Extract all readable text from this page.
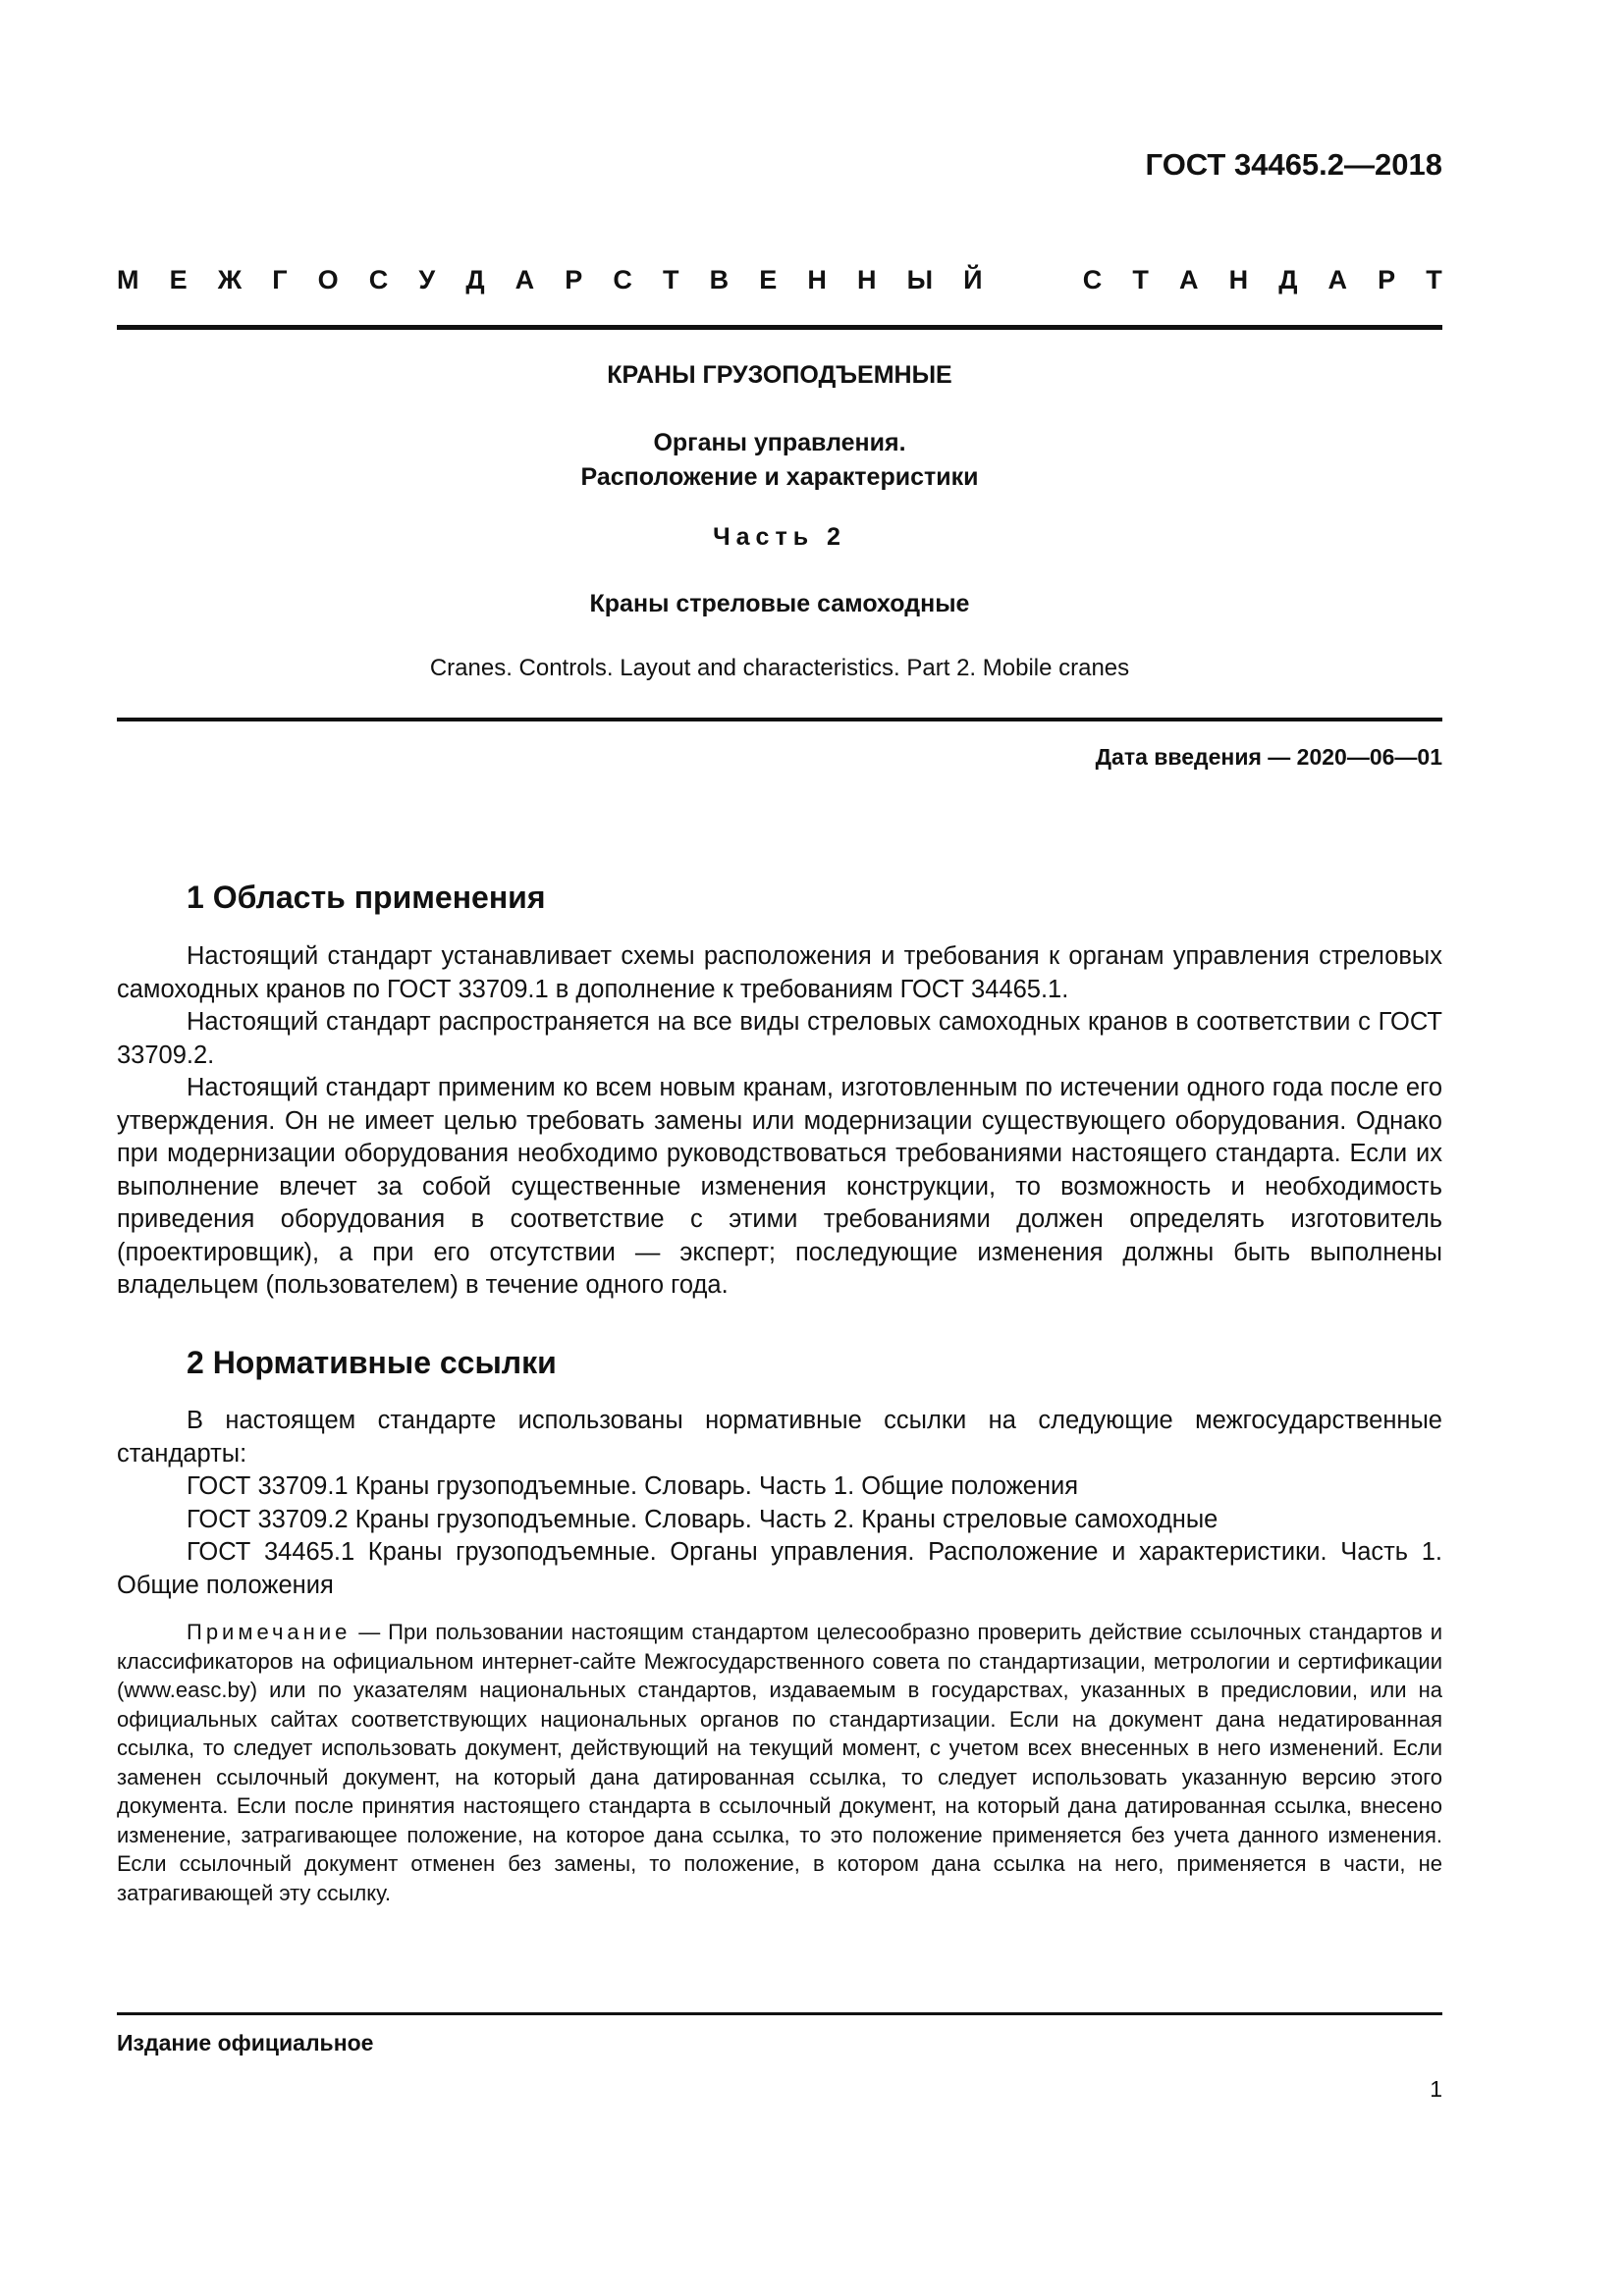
ГОСТ 34465.2—2018
М Е Ж Г О С У Д А Р С Т В Е Н Н Ы Й	С Т А Н Д А Р Т
КРАНЫ ГРУЗОПОДЪЕМНЫЕ
Органы управления.
Расположение и характеристики
Часть 2
Краны стреловые самоходные
Cranes. Controls. Layout and characteristics. Part 2. Mobile cranes
Дата введения — 2020—06—01
1 Область применения

Настоящий стандарт устанавливает схемы расположения и требования к органам управления стреловых самоходных кранов по ГОСТ 33709.1 в дополнение к требованиям ГОСТ 34465.1.

Настоящий стандарт распространяется на все виды стреловых самоходных кранов в соответствии с ГОСТ 33709.2.

Настоящий стандарт применим ко всем новым кранам, изготовленным по истечении одного года после его утверждения. Он не имеет целью требовать замены или модернизации существующего оборудования. Однако при модернизации оборудования необходимо руководствоваться требованиями настоящего стандарта. Если их выполнение влечет за собой существенные изменения конструкции, то возможность и необходимость приведения оборудования в соответствие с этими требованиями должен определять изготовитель (проектировщик), а при его отсутствии — эксперт; последующие изменения должны быть выполнены владельцем (пользователем) в течение одного года.

2 Нормативные ссылки

В настоящем стандарте использованы нормативные ссылки на следующие межгосударственные стандарты:

ГОСТ 33709.1 Краны грузоподъемные. Словарь. Часть 1. Общие положения

ГОСТ 33709.2 Краны грузоподъемные. Словарь. Часть 2. Краны стреловые самоходные

ГОСТ 34465.1 Краны грузоподъемные. Органы управления. Расположение и характеристики. Часть 1. Общие положения

Примечание — При пользовании настоящим стандартом целесообразно проверить действие ссылочных стандартов и классификаторов на официальном интернет-сайте Межгосударственного совета по стандартизации, метрологии и сертификации (www.easc.by) или по указателям национальных стандартов, издаваемым в государствах, указанных в предисловии, или на официальных сайтах соответствующих национальных органов по стандартизации. Если на документ дана недатированная ссылка, то следует использовать документ, действующий на текущий момент, с учетом всех внесенных в него изменений. Если заменен ссылочный документ, на который дана датированная ссылка, то следует использовать указанную версию этого документа. Если после принятия настоящего стандарта в ссылочный документ, на который дана датированная ссылка, внесено изменение, затрагивающее положение, на которое дана ссылка, то это положение применяется без учета данного изменения. Если ссылочный документ отменен без замены, то положение, в котором дана ссылка на него, применяется в части, не затрагивающей эту ссылку.

Издание официальное
1
